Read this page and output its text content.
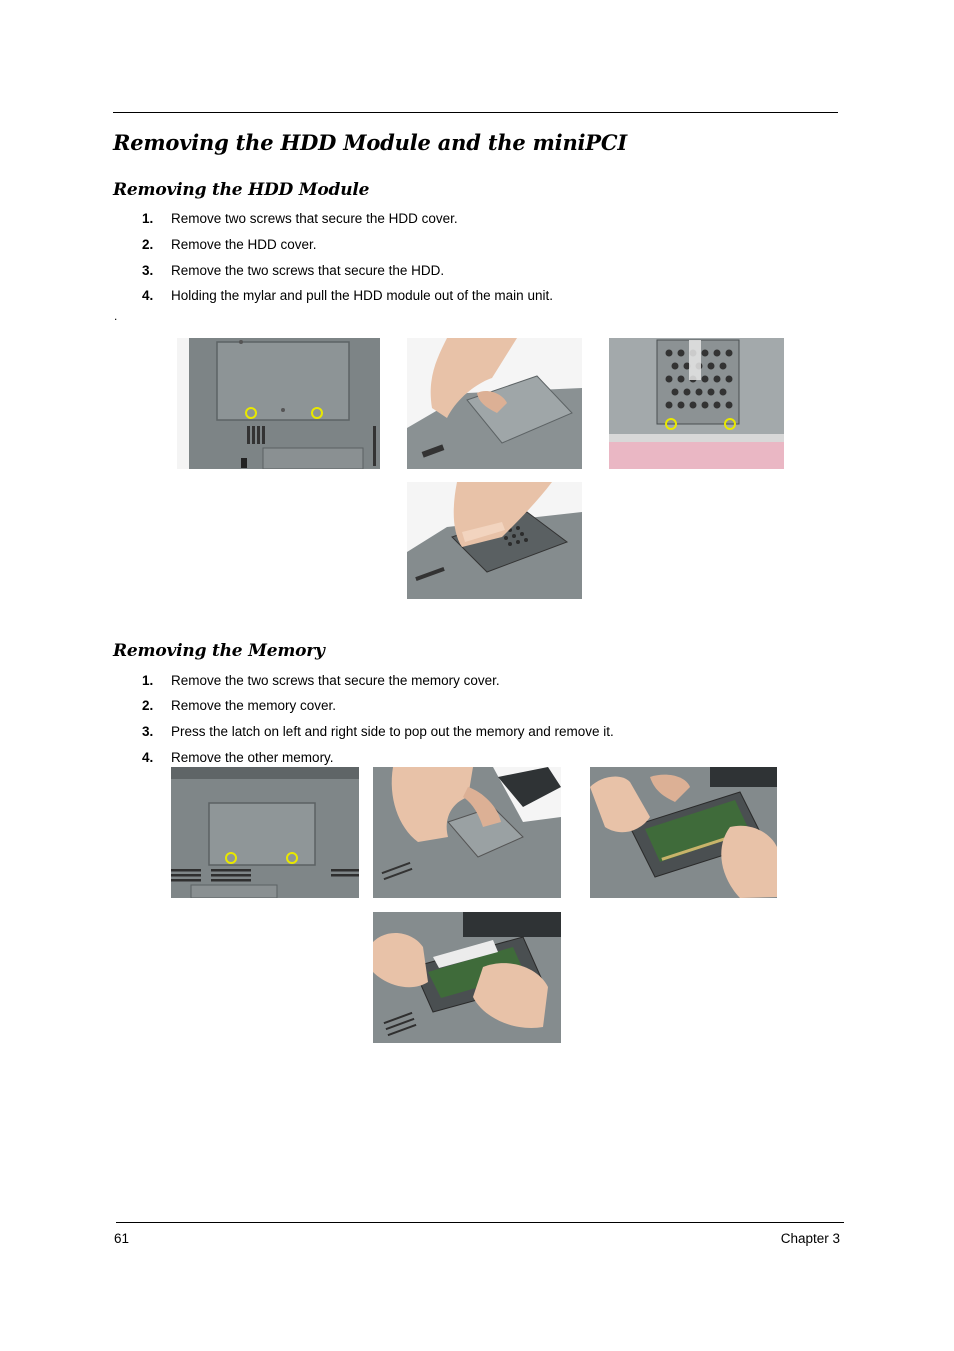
Removing the HDD Module and the miniPCI
Removing the HDD Module
1. Remove two screws that secure the HDD cover.
2. Remove the HDD cover.
3. Remove the two screws that secure the HDD.
4. Holding the mylar and pull the HDD module out of the main unit.
.
Removing the Memory
1. Remove the two screws that secure the memory cover.
2. Remove the memory cover.
3. Press the latch on left and right side to pop out the memory and remove it.
4. Remove the other memory.
61	Chapter 3
